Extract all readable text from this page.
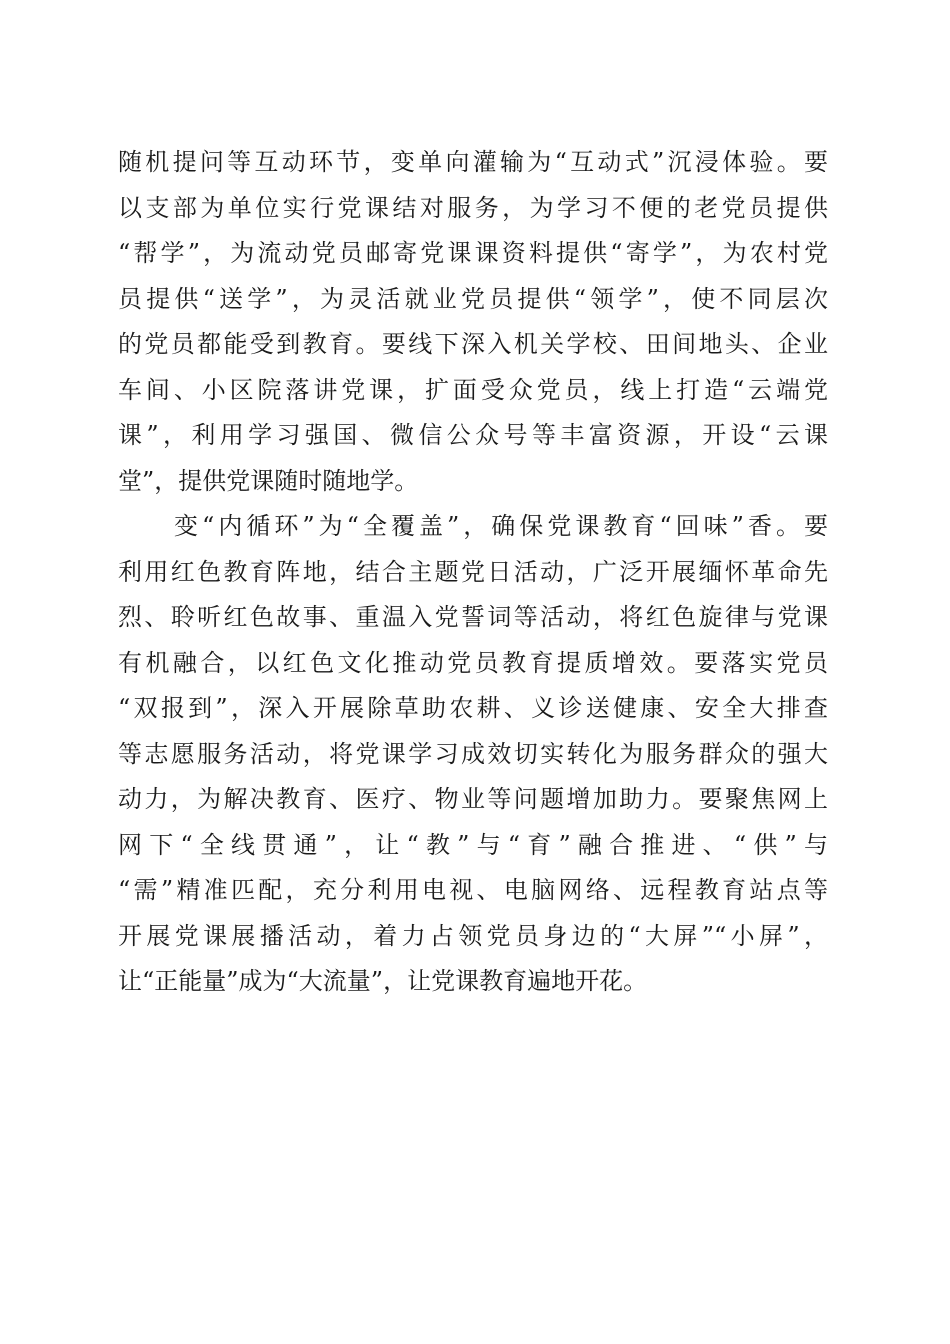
随机提问等互动环节，变单向灌输为“互动式”沉浸体验。要
以支部为单位实行党课结对服务，为学习不便的老党员提供
“帮学”，为流动党员邮寄党课课资料提供“寄学”，为农村党
员提供“送学”，为灵活就业党员提供“领学”，使不同层次
的党员都能受到教育。要线下深入机关学校、田间地头、企业
车间、小区院落讲党课，扩面受众党员，线上打造“云端党
课”，利用学习强国、微信公众号等丰富资源，开设“云课
堂”，提供党课随时随地学。
　　变“内循环”为“全覆盖”，确保党课教育“回味”香。要
利用红色教育阵地，结合主题党日活动，广泛开展缅怀革命先
烈、聆听红色故事、重温入党誓词等活动，将红色旋律与党课
有机融合，以红色文化推动党员教育提质增效。要落实党员
“双报到”，深入开展除草助农耕、义诊送健康、安全大排查
等志愿服务活动，将党课学习成效切实转化为服务群众的强大
动力，为解决教育、医疗、物业等问题增加助力。要聚焦网上
网下“全线贯通”，让“教”与“育”融合推进、“供”与
“需”精准匹配，充分利用电视、电脑网络、远程教育站点等
开展党课展播活动，着力占领党员身边的“大屏”“小屏”，
让“正能量”成为“大流量”，让党课教育遍地开花。
